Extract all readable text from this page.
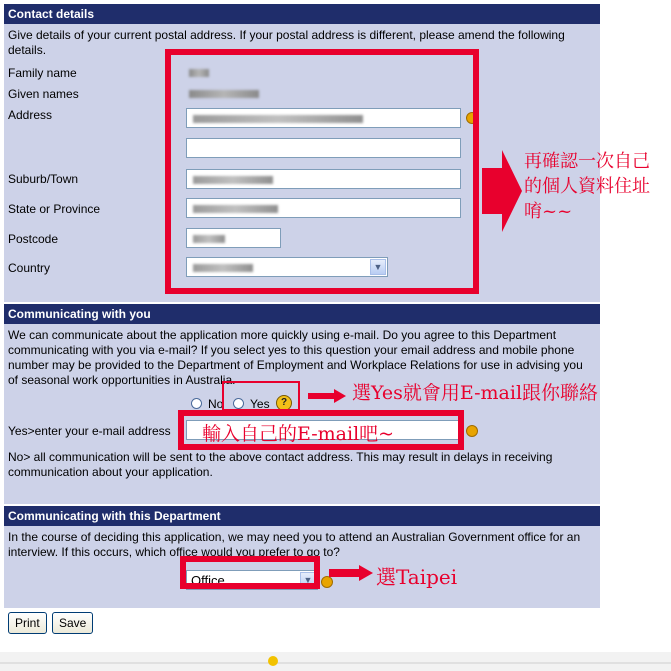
Contact details
Give details of your current postal address. If your postal address is different, please amend the following details.
Family name
Given names
Address
Suburb/Town
State or Province
Postcode
Country	▼
Communicating with you
We can communicate about the application more quickly using e-mail. Do you agree to this Department communicating with you via e-mail? If you select yes to this question your email address and mobile phone number may be provided to the Department of Employment and Workplace Relations for use in advising you of seasonal work opportunities in Australia.
No Yes	?
Yes>enter your e-mail address
No> all communication will be sent to the above contact address. This may result in delays in receiving communication about your application.
Communicating with this Department
In the course of deciding this application, we may need you to attend an Australian Government office for an interview. If this occurs, which office would you prefer to go to?
Office	▼
Print	Save
再確認一次自己的個人資料住址唷~~
選Yes就會用E-mail跟你聯絡
輸入自己的E-mail吧~
選Taipei
